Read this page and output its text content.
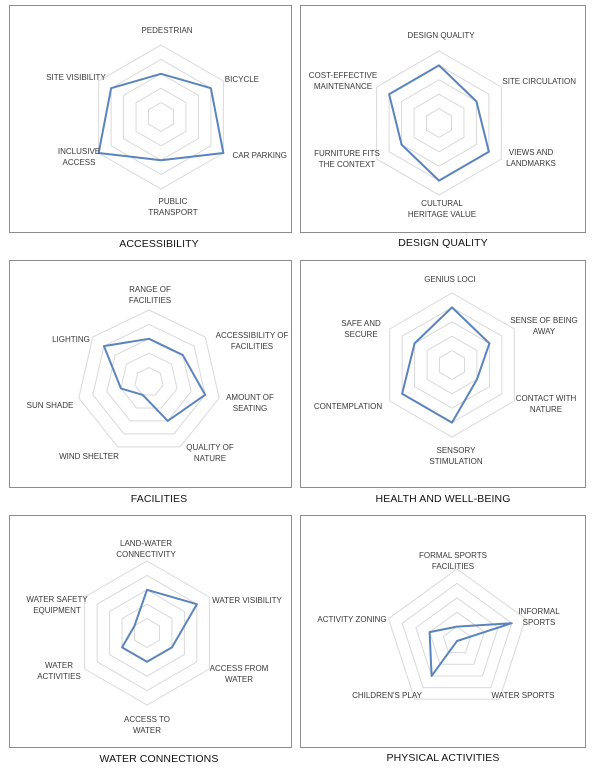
PEDESTRIAN
BICYCLE
CAR PARKING
PUBLIC TRANSPORT
INCLUSIVE ACCESS
SITE VISIBILITY
ACCESSIBILITY
DESIGN QUALITY
SITE CIRCULATION
VIEWS AND LANDMARKS
CULTURAL HERITAGE VALUE
FURNITURE FITS THE CONTEXT
COST-EFFECTIVE MAINTENANCE
DESIGN QUALITY
RANGE OF FACILITIES
ACCESSIBILITY OF FACILITIES
AMOUNT OF SEATING
QUALITY OF NATURE
WIND SHELTER
SUN SHADE
LIGHTING
FACILITIES
GENIUS LOCI
SENSE OF BEING AWAY
CONTACT WITH NATURE
SENSORY STIMULATION
CONTEMPLATION
SAFE AND SECURE
HEALTH AND WELL-BEING
LAND-WATER CONNECTIVITY
WATER VISIBILITY
ACCESS FROM WATER
ACCESS TO WATER
WATER ACTIVITIES
WATER SAFETY EQUIPMENT
WATER CONNECTIONS
FORMAL SPORTS FACILITIES
INFORMAL SPORTS
WATER SPORTS
CHILDREN'S PLAY
ACTIVITY ZONING
PHYSICAL ACTIVITIES
